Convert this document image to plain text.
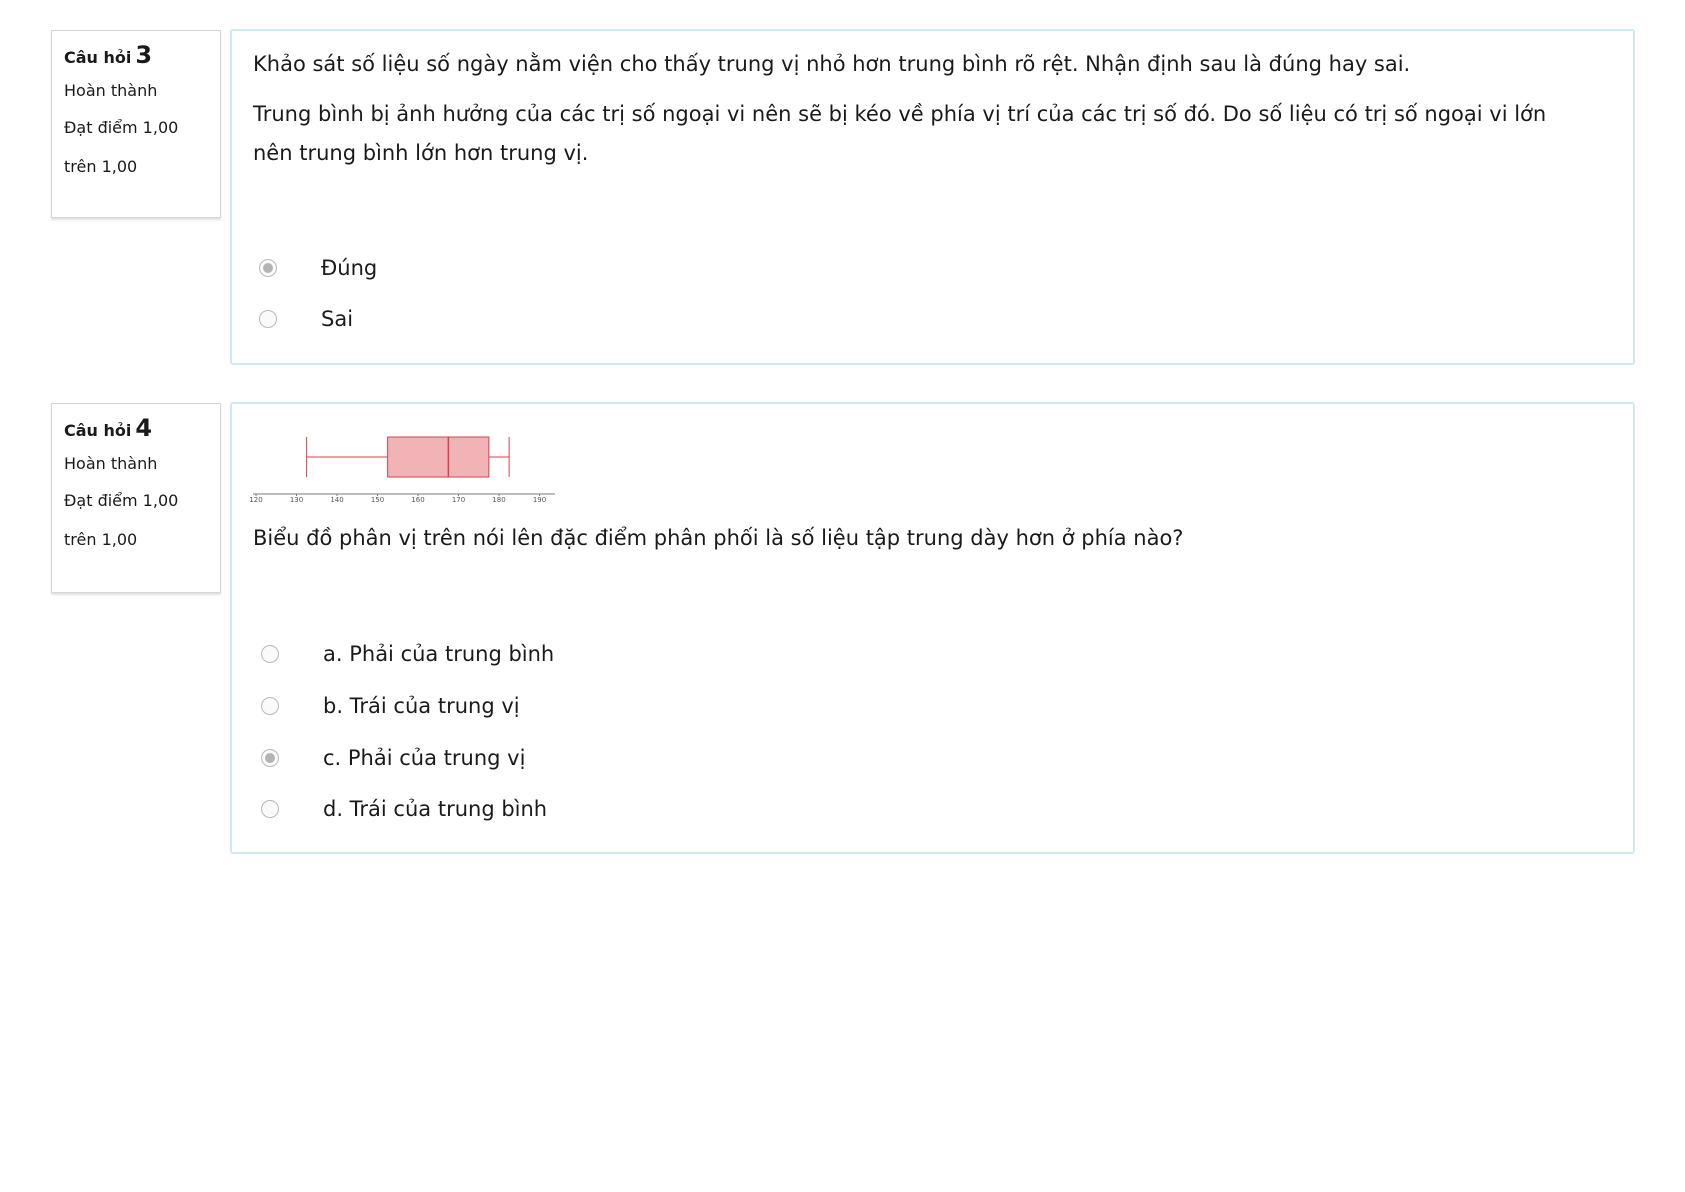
Câu hỏi 3
Hoàn thành
Đạt điểm 1,00
trên 1,00
Khảo sát số liệu số ngày nằm viện cho thấy trung vị nhỏ hơn trung bình rõ rệt. Nhận định sau là đúng hay sai.
Trung bình bị ảnh hưởng của các trị số ngoại vi nên sẽ bị kéo về phía vị trí của các trị số đó. Do số liệu có trị số ngoại vi lớn
nên trung bình lớn hơn trung vị.
Đúng
Sai
Câu hỏi 4
Hoàn thành
Đạt điểm 1,00
trên 1,00
120	130	140	150	160	170	180	190
Biểu đồ phân vị trên nói lên đặc điểm phân phối là số liệu tập trung dày hơn ở phía nào?
a. Phải của trung bình
b. Trái của trung vị
c. Phải của trung vị
d. Trái của trung bình
